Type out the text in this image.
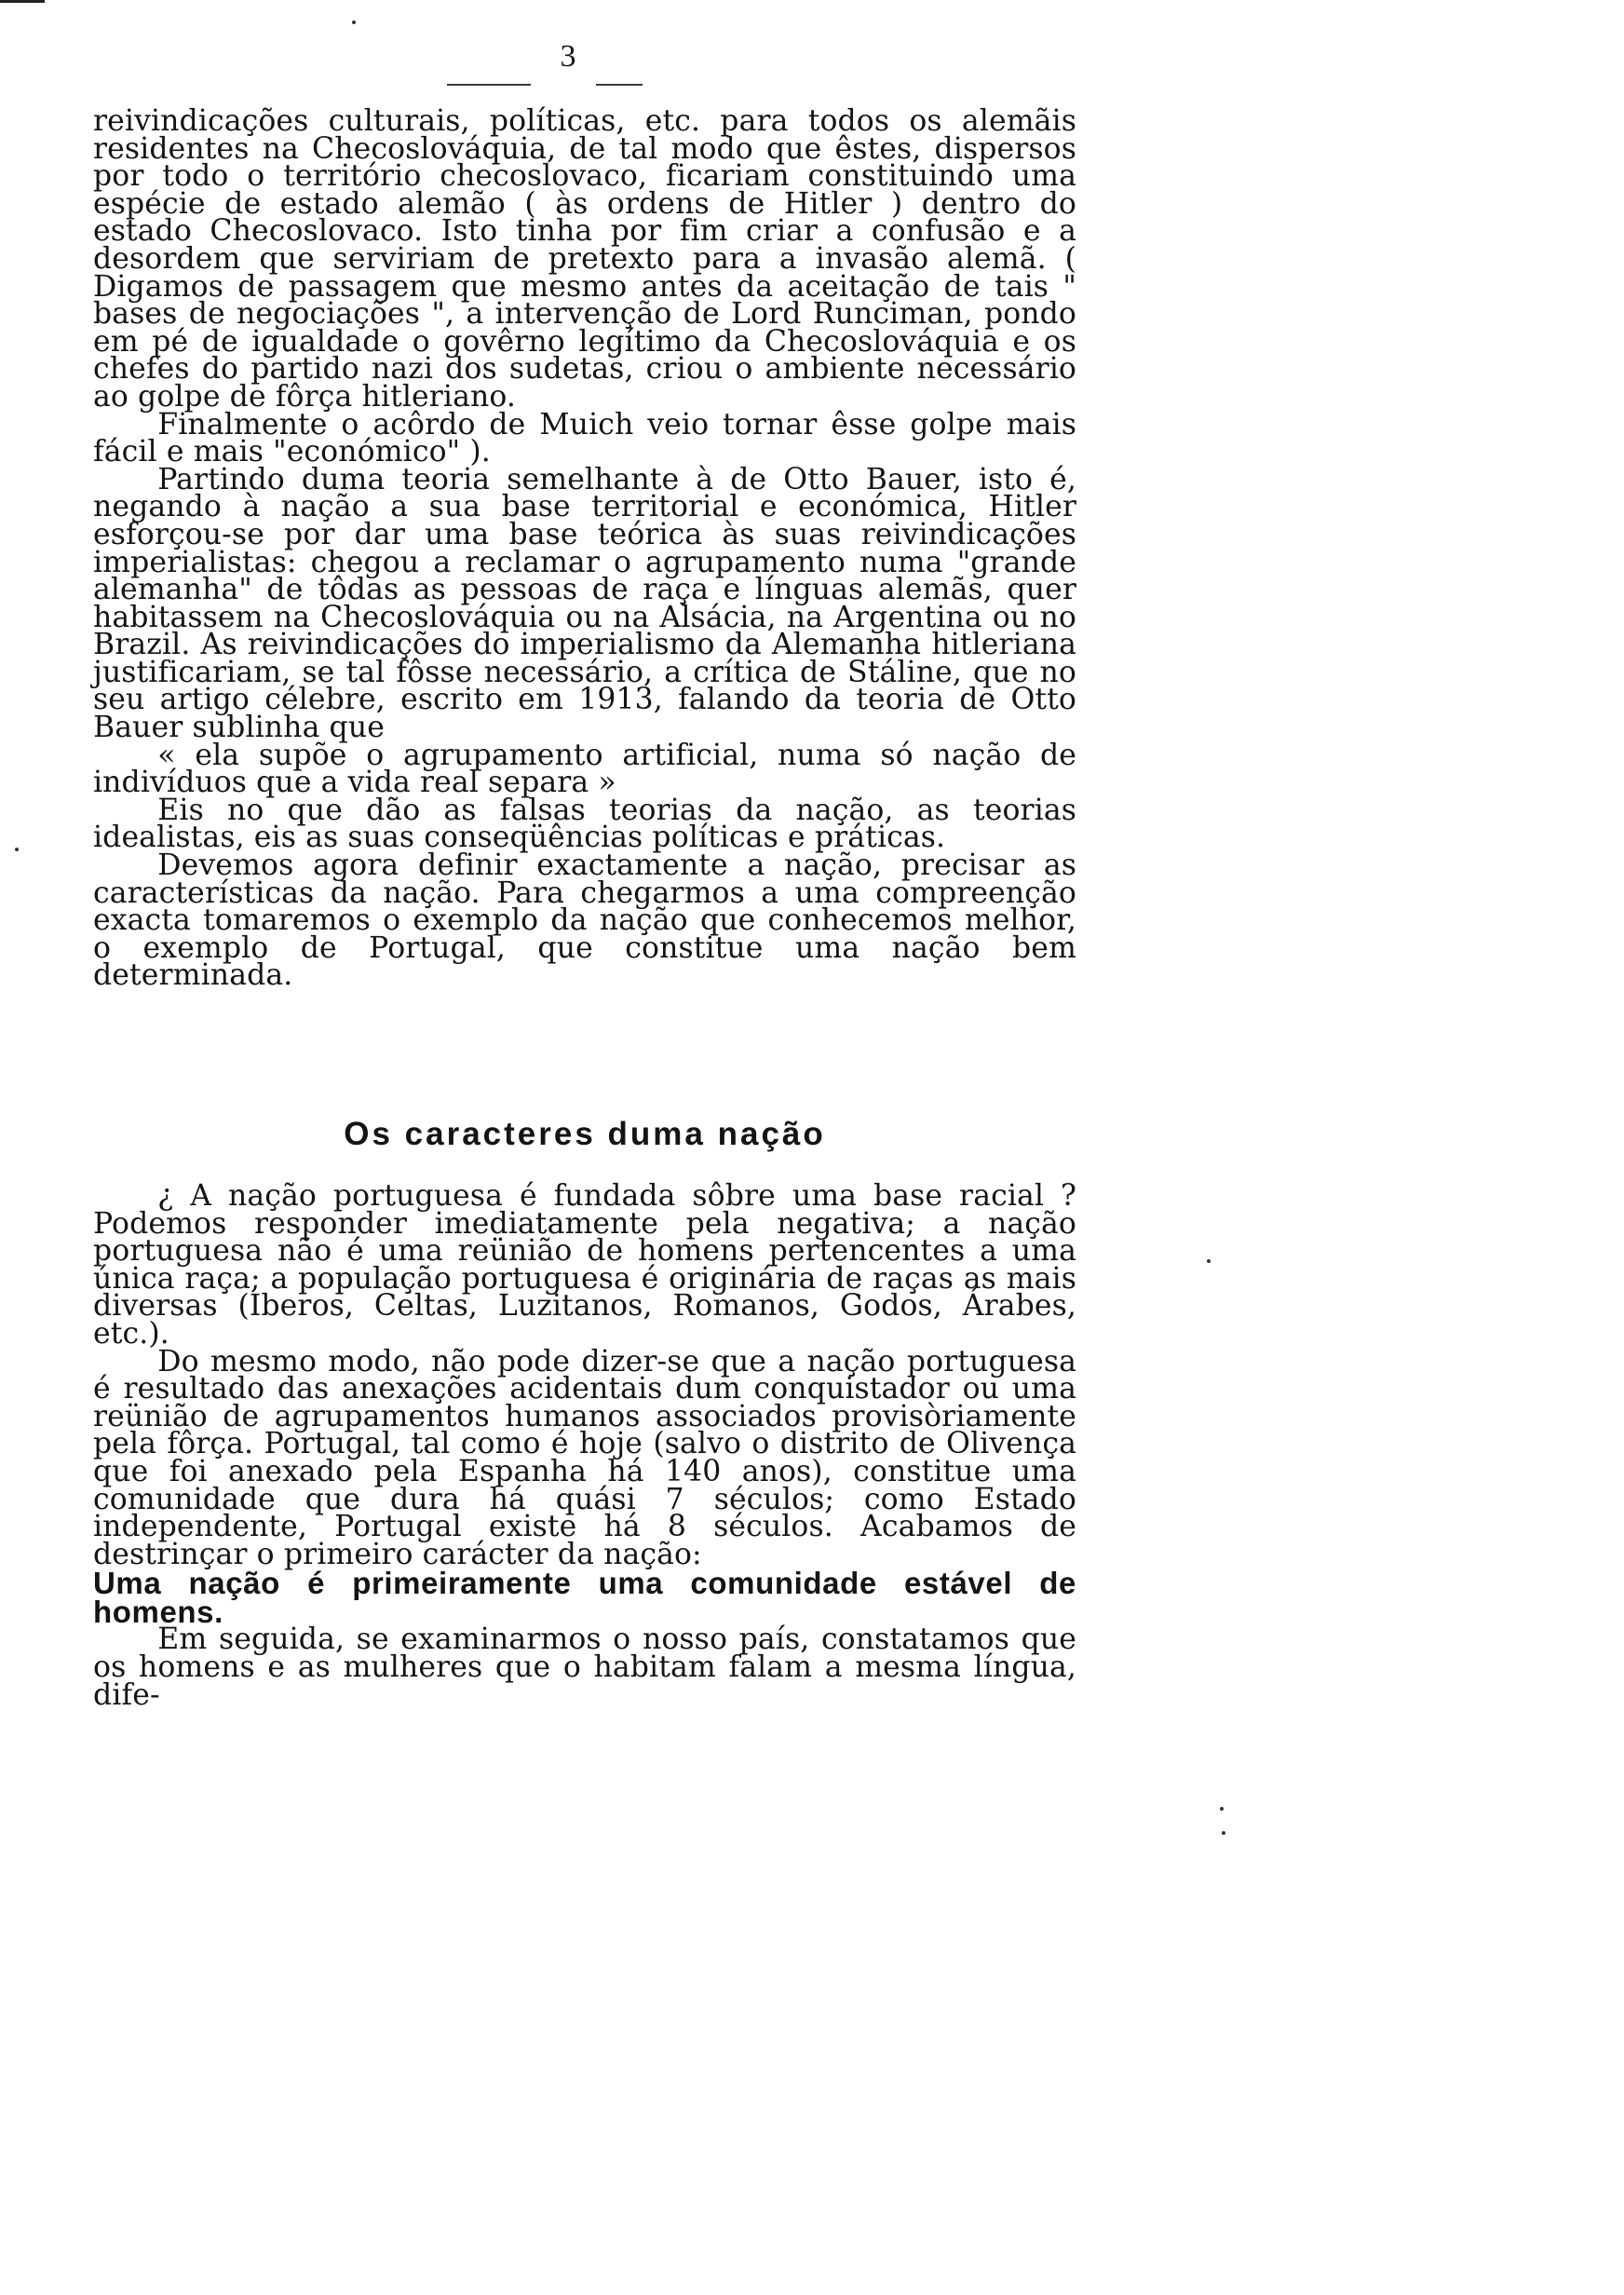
3

reivindicações culturais, políticas, etc. para todos os alemãis residentes na Checoslováquia, de tal modo que êstes, dispersos por todo o território checoslovaco, ficariam constituindo uma espécie de estado alemão ( às ordens de Hitler ) dentro do estado Checoslovaco. Isto tinha por fim criar a confusão e a desordem que serviriam de pretexto para a invasão alemã. ( Digamos de passagem que mesmo antes da aceitação de tais " bases de negociações ", a intervenção de Lord Runciman, pondo em pé de igualdade o govêrno legítimo da Checoslováquia e os chefes do partido nazi dos sudetas, criou o ambiente necessário ao golpe de fôrça hitleriano.

Finalmente o acôrdo de Muich veio tornar êsse golpe mais fácil e mais "económico" ).

Partindo duma teoria semelhante à de Otto Bauer, isto é, negando à nação a sua base territorial e económica, Hitler esforçou-se por dar uma base teórica às suas reivindicações imperialistas: chegou a reclamar o agrupamento numa "grande alemanha" de tôdas as pessoas de raça e línguas alemãs, quer habitassem na Checoslováquia ou na Alsácia, na Argentina ou no Brazil. As reivindicações do imperialismo da Alemanha hitleriana justificariam, se tal fôsse necessário, a crítica de Stáline, que no seu artigo célebre, escrito em 1913, falando da teoria de Otto Bauer sublinha que

« ela supõe o agrupamento artificial, numa só nação de indivíduos que a vida real separa »

Eis no que dão as falsas teorias da nação, as teorias idealistas, eis as suas conseqüências políticas e práticas.

Devemos agora definir exactamente a nação, precisar as características da nação. Para chegarmos a uma compreenção exacta tomaremos o exemplo da nação que conhecemos melhor, o exemplo de Portugal, que constitue uma nação bem determinada.

Os caracteres duma nação

¿ A nação portuguesa é fundada sôbre uma base racial ? Podemos responder imediatamente pela negativa; a nação portuguesa não é uma reünião de homens pertencentes a uma única raça; a população portuguesa é originária de raças as mais diversas (Iberos, Celtas, Luzitanos, Romanos, Godos, Árabes, etc.).

Do mesmo modo, não pode dizer-se que a nação portuguesa é resultado das anexações acidentais dum conquistador ou uma reünião de agrupamentos humanos associados provisòriamente pela fôrça. Portugal, tal como é hoje (salvo o distrito de Olivença que foi anexado pela Espanha há 140 anos), constitue uma comunidade que dura há quási 7 séculos; como Estado independente, Portugal existe há 8 séculos. Acabamos de destrinçar o primeiro carácter da nação:

Uma nação é primeiramente uma comunidade estável de homens.

Em seguida, se examinarmos o nosso país, constatamos que os homens e as mulheres que o habitam falam a mesma língua, dife-
